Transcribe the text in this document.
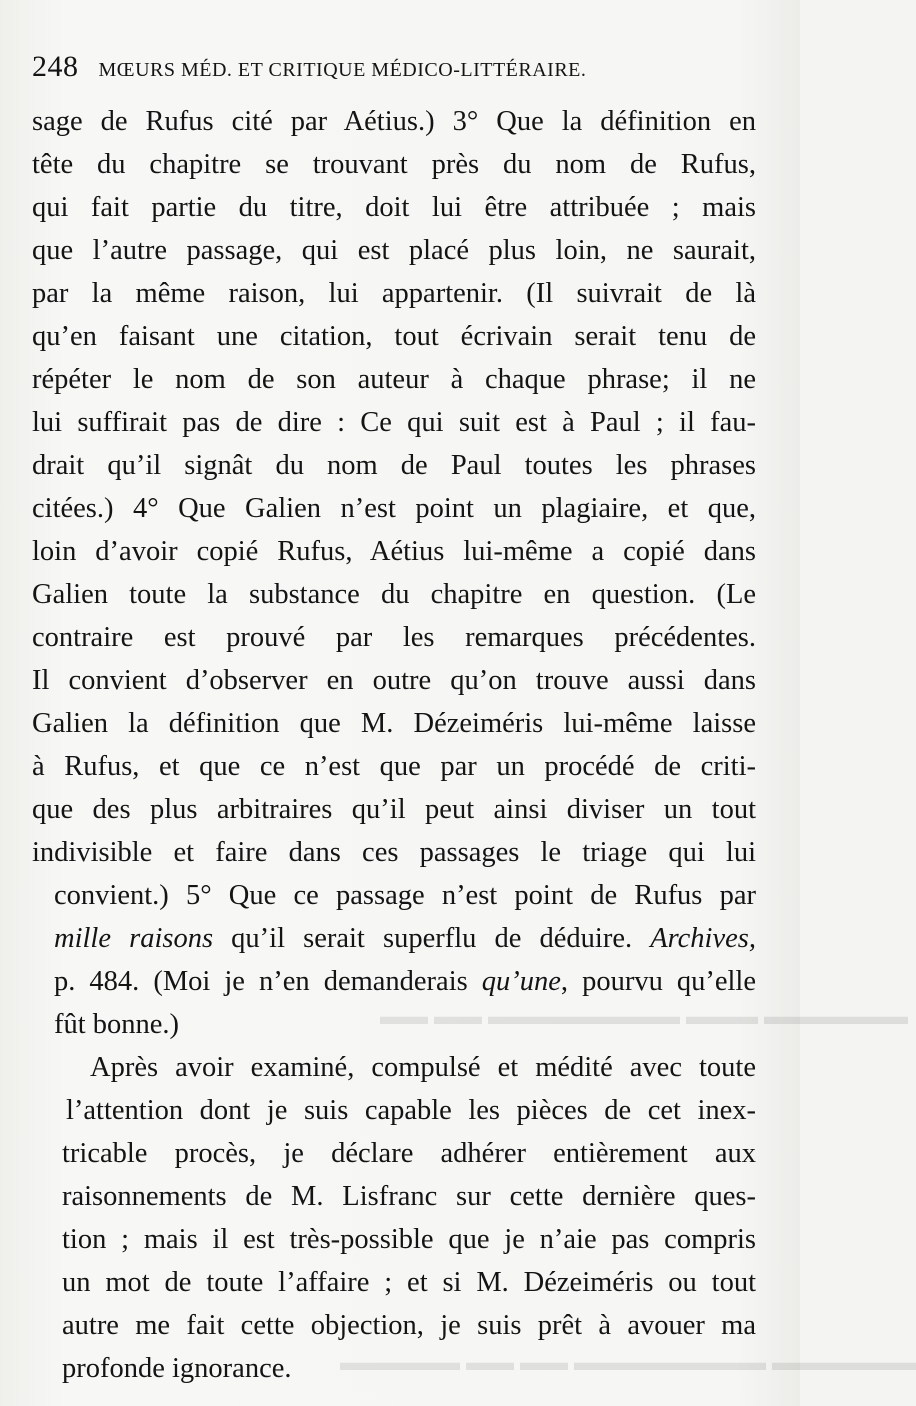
▬▬▬▬▬▬ ▬▬▬ ▬▬▬▬▬▬▬▬ ▬▬ ▬▬
▬▬▬▬▬▬ ▬▬▬▬▬▬▬▬ ▬▬ ▬▬ ▬▬▬▬▬
248 MŒURS MÉD. ET CRITIQUE MÉDICO-LITTÉRAIRE.
sage de Rufus cité par Aétius.) 3° Que la définition en
tête du chapitre se trouvant près du nom de Rufus,
qui fait partie du titre, doit lui être attribuée ; mais
que l’autre passage, qui est placé plus loin, ne saurait,
par la même raison, lui appartenir. (Il suivrait de là
qu’en faisant une citation, tout écrivain serait tenu de
répéter le nom de son auteur à chaque phrase; il ne
lui suffirait pas de dire : Ce qui suit est à Paul ; il fau-
drait qu’il signât du nom de Paul toutes les phrases
citées.) 4° Que Galien n’est point un plagiaire, et que,
loin d’avoir copié Rufus, Aétius lui-même a copié dans
Galien toute la substance du chapitre en question. (Le
contraire est prouvé par les remarques précédentes.
Il convient d’observer en outre qu’on trouve aussi dans
Galien la définition que M. Dézeiméris lui-même laisse
à Rufus, et que ce n’est que par un procédé de criti-
que des plus arbitraires qu’il peut ainsi diviser un tout
indivisible et faire dans ces passages le triage qui lui
convient.) 5° Que ce passage n’est point de Rufus par
mille raisons qu’il serait superflu de déduire. Archives,
p. 484. (Moi je n’en demanderais qu’une, pourvu qu’elle
fût bonne.)
Après avoir examiné, compulsé et médité avec toute
l’attention dont je suis capable les pièces de cet inex-
tricable procès, je déclare adhérer entièrement aux
raisonnements de M. Lisfranc sur cette dernière ques-
tion ; mais il est très-possible que je n’aie pas compris
un mot de toute l’affaire ; et si M. Dézeiméris ou tout
autre me fait cette objection, je suis prêt à avouer ma
profonde ignorance.
